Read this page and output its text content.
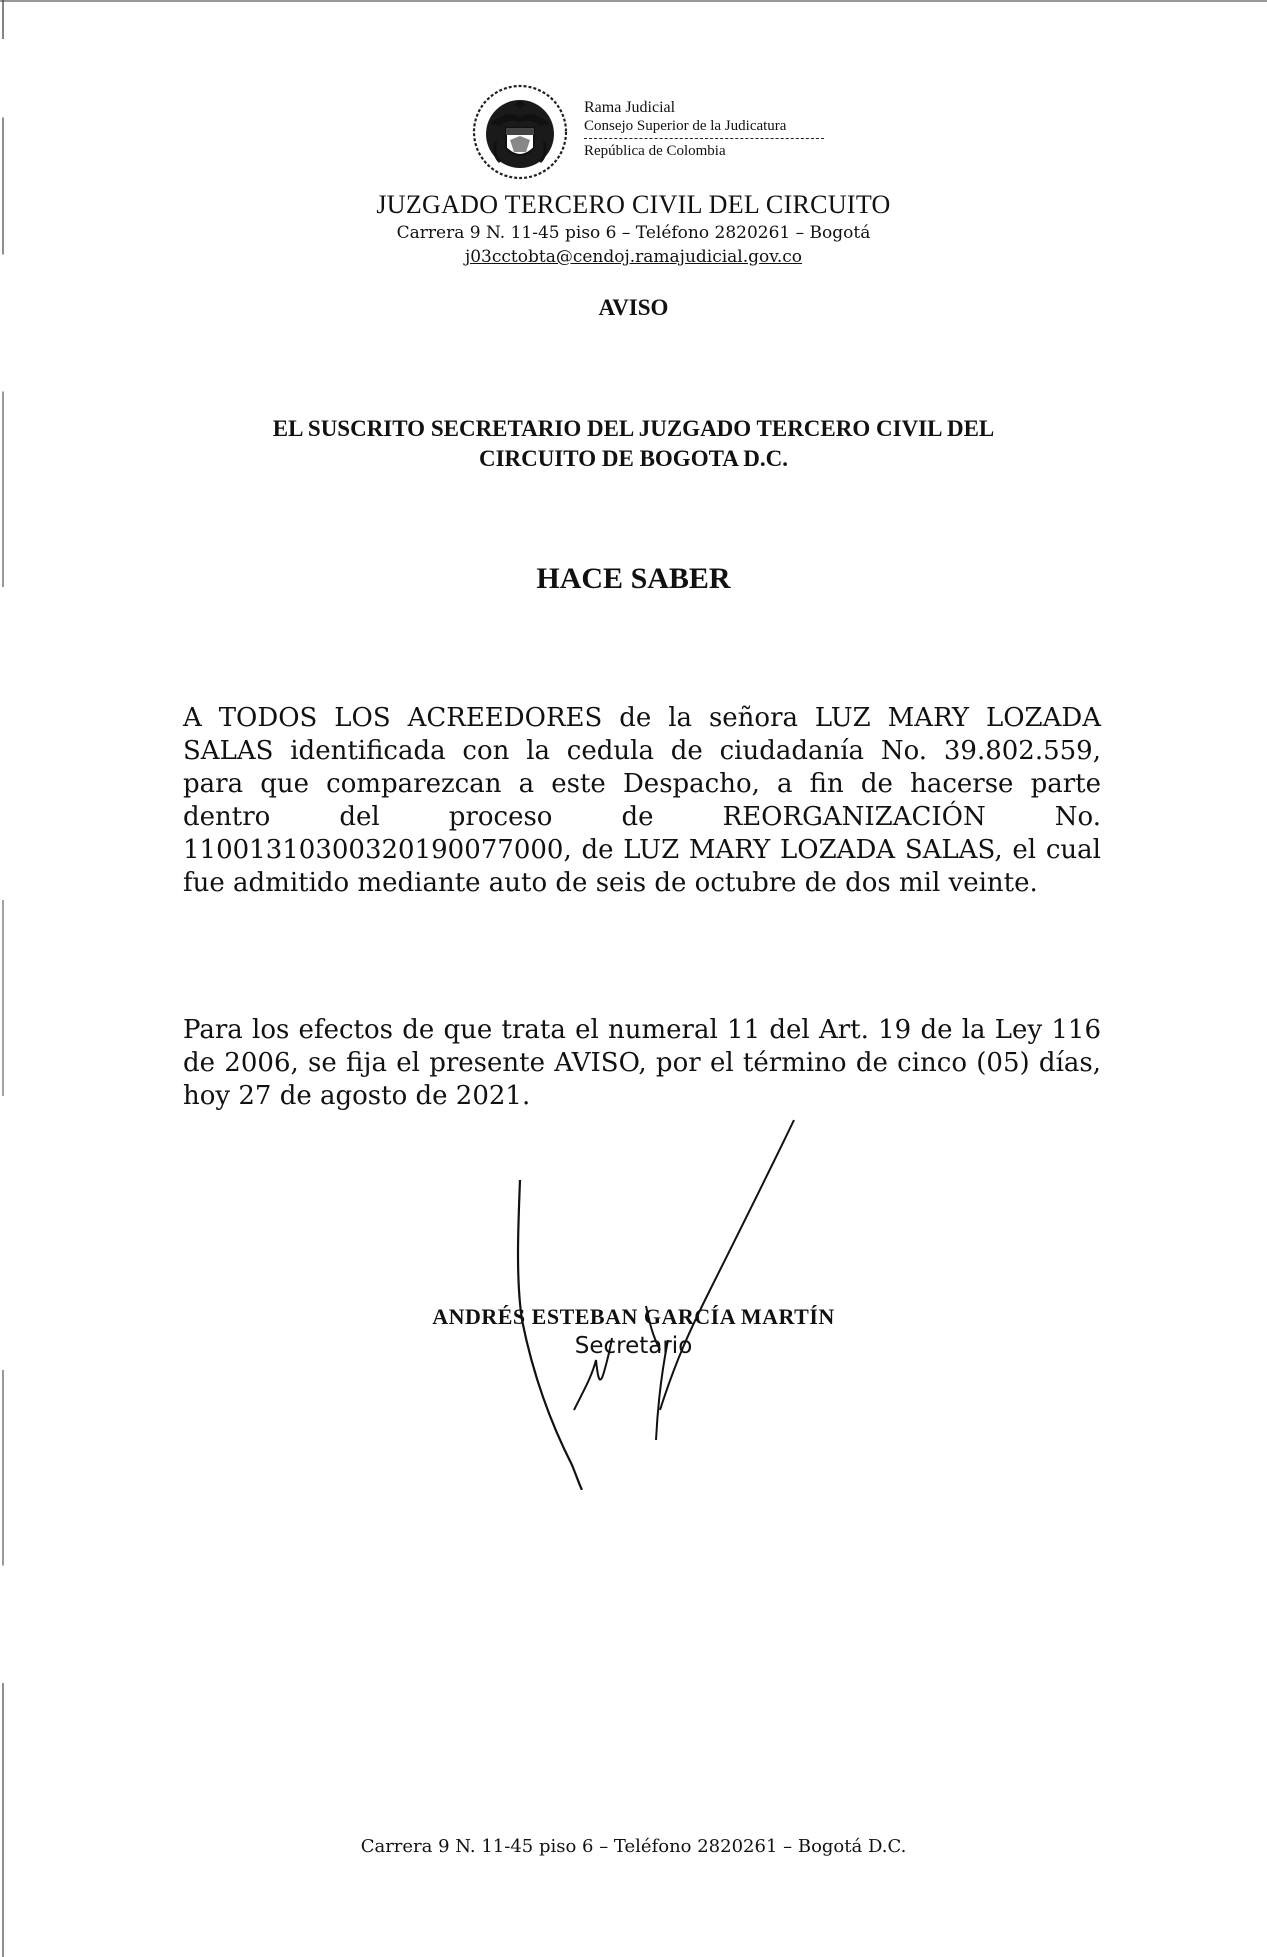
Rama Judicial
Consejo Superior de la Judicatura
República de Colombia
JUZGADO TERCERO CIVIL DEL CIRCUITO
Carrera 9 N. 11-45 piso 6 – Teléfono 2820261 – Bogotá
j03cctobta@cendoj.ramajudicial.gov.co
AVISO
EL SUSCRITO SECRETARIO DEL JUZGADO TERCERO CIVIL DEL
CIRCUITO DE BOGOTA D.C.
HACE SABER
A TODOS LOS ACREEDORES de la señora LUZ MARY LOZADA SALAS identificada con la cedula de ciudadanía No. 39.802.559, para que comparezcan a este Despacho, a fin de hacerse parte dentro del proceso de REORGANIZACIÓN No. 11001310300320190077000, de LUZ MARY LOZADA SALAS, el cual fue admitido mediante auto de seis de octubre de dos mil veinte.
Para los efectos de que trata el numeral 11 del Art. 19 de la Ley 116 de 2006, se fija el presente AVISO, por el término de cinco (05) días, hoy 27 de agosto de 2021.
ANDRÉS ESTEBAN GARCÍA MARTÍN
Secretario
Carrera 9 N. 11-45 piso 6 – Teléfono 2820261 – Bogotá D.C.
